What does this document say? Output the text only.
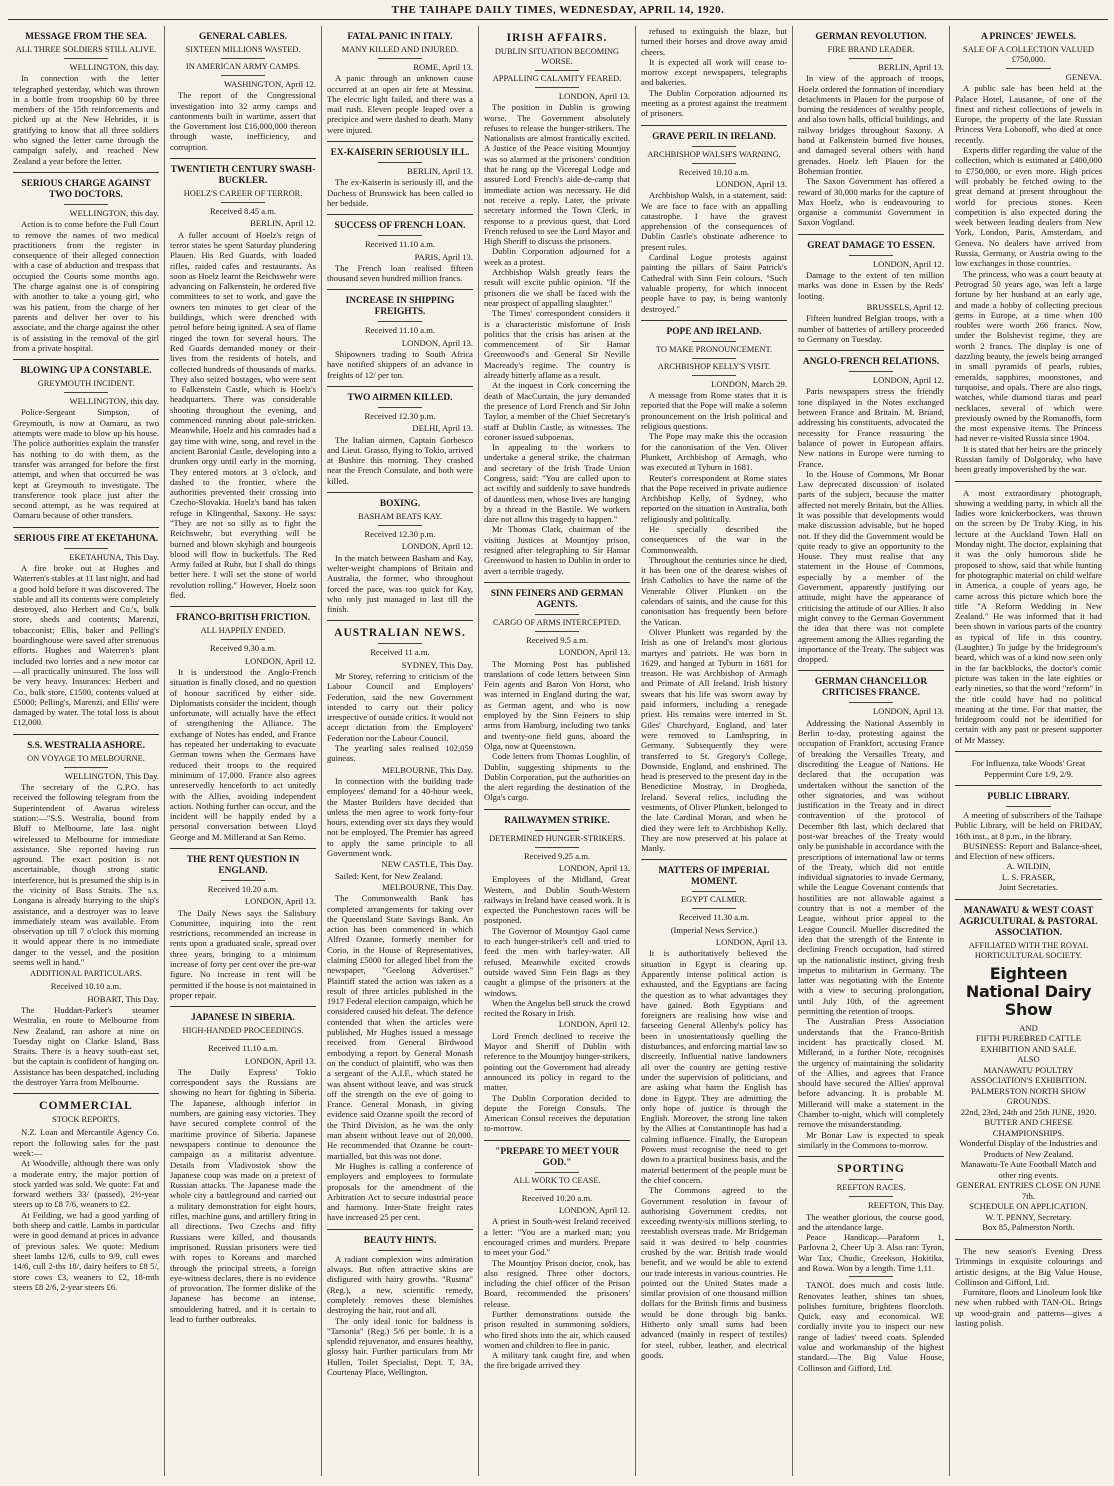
THE TAIHAPE DAILY TIMES, WEDNESDAY, APRIL 14, 1920.
MESSAGE FROM THE SEA.
ALL THREE SOLDIERS STILL ALIVE.
WELLINGTON, this day.

In connection with the letter telegraphed yesterday, which was thrown in a bottle from troopship 60 by three members of the 15th reinforcements and picked up at the New Hebrides, it is gratifying to know that all three soldiers who signed the letter came through the campaign safely, and reached New Zealand a year before the letter.

SERIOUS CHARGE AGAINST TWO DOCTORS.
WELLINGTON, this day.

Action is to come before the Full Court to remove the names of two medical practitioners from the register in consequence of their alleged connection with a case of abduction and trespass that occupied the Courts some months ago. The charge against one is of conspiring with another to take a young girl, who was his patient, from the charge of her parents and deliver her over to his associate, and the charge against the other is of assisting in the removal of the girl from a private hospital.

BLOWING UP A CONSTABLE.
GREYMOUTH INCIDENT.
WELLINGTON, this day.

Police-Sergeant Simpson, of Greymouth, is now at Oamaru, as two attempts were made to blow up his house. The police authorities explain the transfer has nothing to do with them, as the transfer was arranged for before the first attempt, and when that occurred he was kept at Greymouth to investigate. The transference took place just after the second attempt, as he was required at Oamaru because of other transfers.

SERIOUS FIRE AT EKETAHUNA.
EKETAHUNA, This Day.

A fire broke out at Hughes and Waterren's stables at 11 last night, and had a good hold before it was discovered. The stable and all its contents were completely destroyed, also Herbert and Co.'s, bulk store, sheds and contents; Marenzi, tobacconist; Ellis, baker and Pelling's boardinghouse were saved after strenuous efforts. Hughes and Waterren's plant included two lorries and a new motor car—all practically uninsured. The loss will be very heavy. Insurances: Herbert and Co., bulk store, £1500, contents valued at £5000; Pelling's, Marenzi, and Ellis' were damaged by water. The total loss is about £12,000.

S.S. WESTRALIA ASHORE.
ON VOYAGE TO MELBOURNE.
WELLINGTON, This Day.

The secretary of the G.P.O. has received the following telegram from the Superintendent of Awarua wireless station:—"S.S. Westralia, bound from Bluff to Melbourne, late last night wirelessed to Melbourne for immediate assistance. She reported having run aground. The exact position is not ascertainable, though strong static interference, but is presumed the ship is in the vicinity of Bass Straits. The s.s. Longana is already hurrying to the ship's assistance, and a destroyer was to leave immediately steam was available. From observation up till 7 o'clock this morning it would appear there is no immediate danger to the vessel, and the position seems well in hand."

ADDITIONAL PARTICULARS.
Received 10.10 a.m.
HOBART, This Day.

The Huddart-Parker's steamer Westralia, en route to Melbourne from New Zealand, ran ashore at nine on Tuesday night on Clarke Island, Bass Straits. There is a heavy south-east set, but the captain is confident of hanging on. Assistance has been despatched, including the destroyer Yarra from Melbourne.

COMMERCIAL
STOCK REPORTS.

N.Z. Loan and Mercantile Agency Co. report the following sales for the past week:—

At Woodville, although there was only a moderate entry, the major portion of stock yarded was sold. We quote: Fat and forward wethers 33/ (passed), 2½-year steers up to £8 7/6, weaners to £2.

At Feilding, we had a good yarding of both sheep and cattle. Lambs in particular were in good demand at prices in advance of previous sales. We quote: Medium sheet lambs 12/6, culls to 9/9, cull ewes 14/6, cull 2-ths 18/, dairy heifers to £8 5/, store cows £3, weaners to £2, 18-mth steers £8 2/6, 2-year steers £6.

GENERAL CABLES.
SIXTEEN MILLIONS WASTED.
IN AMERICAN ARMY CAMPS.
WASHINGTON, April 12.

The report of the Congressional investigation into 32 army camps and cantonments built in wartime, assert that the Government lost £16,000,000 thereon through waste, inefficiency, and corruption.

TWENTIETH CENTURY SWASH-BUCKLER.
HOELZ'S CAREER OF TERROR.
Received 8.45 a.m.
BERLIN, April 12.

A fuller account of Hoelz's reign of terror states he spent Saturday plundering Plauen. His Red Guards, with loaded rifles, raided cafes and restaurants. As soon as Hoelz learnt the Reichswehr were advancing on Falkenstein, he ordered five committees to set to work, and gave the owners ten minutes to get clear of the buildings, which were drenched with petrol before being ignited. A sea of flame ringed the town for several hours. The Red Guards demanded money or their lives from the residents of hotels, and collected hundreds of thousands of marks. They also seized hostages, who were sent to Falkenstein Castle, which is Hoelz's headquarters. There was considerable shooting throughout the evening, and commenced running about pale-stricken. Meanwhile, Hoelz and his comrades had a gay time with wine, song, and revel in the ancient Baronial Castle, developing into a drunken orgy until early in the morning. They entered motors at 3 o'clock, and dashed to the frontier, where the authorities prevented their crossing into Czecho-Slovakia. Hoelz's band has taken refuge in Klingenthal, Saxony. He says: "They are not so silly as to fight the Reichswehr, but everything will be burned and blown skyhigh and bourgeois blood will flow in bucketfuls. The Red Army failed at Ruhr, but I shall do things better here. I will set the stone of world revolution rolling." However, Hoelz soon fled.

FRANCO-BRITISH FRICTION.
ALL HAPPILY ENDED.
Received 9.30 a.m.
LONDON, April 12.

It is understood the Anglo-French situation is finally closed, and no question of honour sacrificed by either side. Diplomatists consider the incident, though unfortunate, will actually have the effect of strengthening the Alliance. The exchange of Notes has ended, and France has repeated her undertaking to evacuate German towns when the Germans have reduced their troops to the required minimum of 17,000. France also agrees unreservedly henceforth to act unitedly with the Allies, avoiding independent action. Nothing further can occur, and the incident will be happily ended by a personal conversation between Lloyd George and M. Millerand at San Remo.

THE RENT QUESTION IN ENGLAND.
Received 10.20 a.m.
LONDON, April 13.

The Daily News says the Salisbury Committee, inquiring into the rent restrictions, recommended an increase in rents upon a graduated scale, spread over three years, bringing to a minimum increase of forty per cent over the pre-war figure. No increase in rent will be permitted if the house is not maintained in proper repair.

JAPANESE IN SIBERIA.
HIGH-HANDED PROCEEDINGS.
Received 11.10 a.m.
LONDON, April 13.

The Daily Express' Tokio correspondent says the Russians are showing no heart for fighting in Siberia. The Japanese, although inferior in numbers, are gaining easy victories. They have secured complete control of the maritime province of Siberia. Japanese newspapers continue to denounce the campaign as a militarist adventure. Details from Vladivostok show the Japanese coup was made on a pretext of Russian attacks. The Japanese made the whole city a battleground and carried out a military demonstration for eight hours, rifles, machine guns, and artillery firing in all directions. Two Czechs and fifty Russians were killed, and thousands imprisoned. Russian prisoners were tied with ropes to Koreans and marched through the principal streets, a foreign eye-witness declares, there is no evidence of provocation. The former dislike of the Japanese has become an intense, smouldering hatred, and it is certain to lead to further outbreaks.

FATAL PANIC IN ITALY.
MANY KILLED AND INJURED.
ROME, April 13.

A panic through an unknown cause occurred at an open air fete at Messina. The electric light failed, and there was a mad rush. Eleven people leaped over a precipice and were dashed to death. Many were injured.

EX-KAISERIN SERIOUSLY ILL.
BERLIN, April 13.

The ex-Kaiserin is seriously ill, and the Duchess of Brunswick has been called to her bedside.

SUCCESS OF FRENCH LOAN.
Received 11.10 a.m.
PARIS, April 13.

The French loan realised fifteen thousand seven hundred million francs.

INCREASE IN SHIPPING FREIGHTS.
Received 11.10 a.m.
LONDON, April 13.

Shipowners trading to South Africa have notified shippers of an advance in freights of 12/ per ton.

TWO AIRMEN KILLED.
Received 12.30 p.m.
DELHI, April 13.

The Italian airmen, Captain Gorbesco and Lieut. Grasso, flying to Tokio, arrived at Bushire this morning. They crashed near the French Consulate, and both were killed.

BOXING.
BASHAM BEATS KAY.
Received 12.30 p.m.
LONDON, April 12.

In the match between Basham and Kay, welter-weight champions of Britain and Australia, the former, who throughout forced the pace, was too quick for Kay, who only just managed to last till the finish.

AUSTRALIAN NEWS.
Received 11 a.m.
SYDNEY, This Day.

Mr Storey, referring to criticism of the Labour Council and Employers' Federation, said the new Government intended to carry out their policy irrespective of outside critics. It would not accept dictation from the Employers' Federation nor the Labour Council.

The yearling sales realised 102,059 guineas.

MELBOURNE, This Day.

In connection with the building trade employees' demand for a 40-hour week, the Master Builders have decided that unless the men agree to work forty-four hours, extending over six days they would not be employed. The Premier has agreed to apply the same principle to all Government work.

NEW CASTLE, This Day.

Sailed: Kent, for New Zealand.

MELBOURNE, This Day.

The Commonwealth Bank has completed arrangements for taking over the Queensland State Savings Bank. An action has been commenced in which Alfred Ozanne, formerly member for Corio, in the House of Representatives, claiming £5000 for alleged libel from the newspaper, "Geelong Advertiser." Plaintiff stated the action was taken as a result of three articles published in the 1917 Federal election campaign, which he considered caused his defeat. The defence contended that when the articles were published, Mr Hughes issued a message received from General Birdwood embodying a report by General Monash on the conduct of plaintiff, who was then a sergeant of the A.I.F., which stated he was absent without leave, and was struck off the strength on the eve of going to France. General Monash, in giving evidence said Ozanne spoilt the record of the Third Division, as he was the only man absent without leave out of 20,000. He recommended that Ozanne be court-martialled, but this was not done.

Mr Hughes is calling a conference of employers and employees to formulate proposals for the amendment of the Arbitration Act to secure industrial peace and harmony. Inter-State freight rates have increased 25 per cent.

BEAUTY HINTS.

A radiant complexion wins admiration always. But often attractive skins are disfigured with hairy growths. "Rusma" (Reg.), a new, scientific remedy, completely removes these blemishes destroying the hair, root and all.

The only ideal tonic for baldness is "Tarsonia" (Reg.) 5/6 per bottle. It is a splendid rejuvenator, and ensures healthy, glossy hair. Further particulars from Mr Hullen, Toilet Specialist, Dept. T, 3A, Courtenay Place, Wellington.

IRISH AFFAIRS.
DUBLIN SITUATION BECOMING WORSE.
APPALLING CALAMITY FEARED.
LONDON, April 13.

The position in Dublin is growing worse. The Government absolutely refuses to release the hunger-strikers. The Nationalists are almost frantically excited. A Justice of the Peace visiting Mountjoy was so alarmed at the prisoners' condition that he rang up the Viceregal Lodge and assured Lord French's aide-de-camp that immediate action was necessary. He did not receive a reply. Later, the private secretary informed the Town Clerk, in response to a previous quest, that Lord French refused to see the Lord Mayor and High Sheriff to discuss the prisoners.

Dublin Corporation adjourned for a week as a protest.

Archbishop Walsh greatly fears the result will excite public opinion. "If the prisoners die we shall be faced with the near prospect of appalling slaughter."

The Times' correspondent considers it is a characteristic misfortune of Irish politics that the crisis has arisen at the commencement of Sir Hamar Greenwood's and General Sir Neville Macready's regime. The country is already bitterly aflame as a result.

At the inquest in Cork concerning the death of MacCurtain, the jury demanded the presence of Lord French and Sir John Taylor, a member of the Chief Secretary's staff at Dublin Castle, as witnesses. The coroner issued subpoenas.

In appealing to the workers to undertake a general strike, the chairman and secretary of the Irish Trade Union Congress, said: "You are called upon to act swiftly and suddenly to save hundreds of dauntless men, whose lives are hanging by a thread in the Bastile. We workers dare not allow this tragedy to happen."

Mr Thomas Clark, chairman of the visiting Justices at Mountjoy prison, resigned after telegraphing to Sir Hamar Greenwood to hasten to Dublin in order to avert a terrible tragedy.

SINN FEINERS AND GERMAN AGENTS.
CARGO OF ARMS INTERCEPTED.
Received 9.5 a.m.
LONDON, April 13.

The Morning Post has published translations of code letters between Sinn Fein agents and Baron Von Horst, who was interned in England during the war, as German agent, and who is now employed by the Sinn Feiners to ship arms from Hamburg, including two tanks and twenty-one field guns, aboard the Olga, now at Queenstown.

Code letters from Thomas Loughlin, of Dublin, suggesting shipments to the Dublin Corporation, put the authorities on the alert regarding the destination of the Olga's cargo.

RAILWAYMEN STRIKE.
DETERMINED HUNGER-STRIKERS.
Received 9.25 a.m.
LONDON, April 13.

Employees of the Midland, Great Western, and Dublin South-Western railways in Ireland have ceased work. It is expected the Punchestown races will be postponed.

The Governor of Mountjoy Gaol came to each hunger-striker's cell and tried to feed the men with barley-water. All refused. Meanwhile excited crowds outside waved Sinn Fein flags as they caught a glimpse of the prisoners at the windows.

When the Angelus bell struck the crowd recited the Rosary in Irish.

LONDON, April 12.

Lord French declined to receive the Mayor and Sheriff of Dublin with reference to the Mountjoy hunger-strikers, pointing out the Government had already announced its policy in regard to the matter.

The Dublin Corporation decided to depute the Foreign Consuls. The American Consul receives the deputation to-morrow.

"PREPARE TO MEET YOUR GOD."
ALL WORK TO CEASE.
Received 10.20 a.m.
LONDON, April 12.

A priest in South-west Ireland received a letter: "You are a marked man; you encouraged crimes and murders. Prepare to meet your God."

The Mountjoy Prison doctor, cook, has also resigned. Three other doctors, including the chief officer of the Prison Board, recommended the prisoners' release.

Further demonstrations outside the prison resulted in summoning soldiers, who fired shots into the air, which caused women and children to flee in panic.

A military tank caught fire, and when the fire brigade arrived they

refused to extinguish the blaze, but turned their horses and drove away amid cheers.

It is expected all work will cease to-morrow except newspapers, telegraphs and bakeries.

The Dublin Corporation adjourned its meeting as a protest against the treatment of prisoners.

GRAVE PERIL IN IRELAND.
ARCHBISHOP WALSH'S WARNING.
Received 10.10 a.m.
LONDON, April 13.

Archbishop Walsh, in a statement, said: We are face to face with an appalling catastrophe. I have the gravest apprehension of the consequences of Dublin Castle's obstinate adherence to present rules.

Cardinal Logue protests against painting the pillars of Saint Patrick's Cathedral with Sinn Fein colours. "Such valuable property, for which innocent people have to pay, is being wantonly destroyed."

POPE AND IRELAND.
TO MAKE PRONOUNCEMENT.
ARCHBISHOP KELLY'S VISIT.
LONDON, March 29.

A message from Rome states that it is reported that the Pope will make a solemn pronouncement on the Irish political and religious questions.

The Pope may make this the occasion for the canonisation of the Ven. Oliver Plunkett, Archbishop of Armagh, who was executed at Tyburn in 1681.

Reuter's correspondent at Rome states that the Pope received in private audience Archbishop Kelly, of Sydney, who reported on the situation in Australia, both religiously and politically.

He specially described the consequences of the war in the Commonwealth.

Throughout the centuries since he died, it has been one of the dearest wishes of Irish Catholics to have the name of the Venerable Oliver Plunkett on the calendars of saints, and the cause for this canonisation has frequently been before the Vatican.

Oliver Plunkett was regarded by the Irish as one of Ireland's most glorious martyrs and patriots. He was born in 1629, and hanged at Tyburn in 1681 for treason. He was Archbishop of Armagh and Primate of All Ireland. Irish history swears that his life was sworn away by paid informers, including a renegade priest. His remains were interred in St. Giles' Churchyard, England, and later were removed to Lamhspring, in Germany. Subsequently they were transferred to St. Gregory's College, Downside, England, and enshrined. The head is preserved to the present day in the Benedictine Mostray, in Drogheda, Ireland. Several relics, including the vestments, of Oliver Plunkett, belonged to the late Cardinal Moran, and when he died they were left to Archbishop Kelly. They are now preserved at his palace at Manly.

MATTERS OF IMPERIAL MOMENT.
EGYPT CALMER.
Received 11.30 a.m.
(Imperial News Service.)
LONDON, April 13.

It is authoritatively believed the situation in Egypt is clearing up. Apparently intense political action is exhausted, and the Egyptians are facing the question as to what advantages they have gained. Both Egyptians and foreigners are realising how wise and farseeing General Allenby's policy has been in unostentatiously quelling the disturbances, and enforcing martial law so discreetly. Influential native landowners all over the country are getting restive under the supervision of politicians, and are asking what harm the English has done in Egypt. They are admitting the only hope of justice is through the English. Moreover, the strong line taken by the Allies at Constantinople has had a calming influence. Finally, the European Powers must recognise the need to get down to a practical business basis, and the material betterment of the people must be the chief concern.

The Commons agreed to the Government resolution in favour of authorising Government credits, not exceeding twenty-six millions sterling, to reestablish overseas trade. Mr Bridgeman said it was desired to help countries crushed by the war. British trade would benefit, and we would be able to extend our trade interests in various countries. He pointed out the United States made a similar provision of one thousand million dollars for the British firms and business would be done through big banks. Hitherto only small sums had been advanced (mainly in respect of textiles) for steel, rubber, leather, and electrical goods.

GERMAN REVOLUTION.
FIRE BRAND LEADER.
BERLIN, April 13.

In view of the approach of troops, Hoelz ordered the formation of incendiary detachments in Plauen for the purpose of burning the residences of wealthy people, and also town halls, official buildings, and railway bridges throughout Saxony. A band at Falkenstein burned five houses, and damaged several others with hand grenades. Hoelz left Plauen for the Bohemian frontier.

The Saxon Government has offered a reward of 30,000 marks for the capture of Max Hoelz, who is endeavouring to organise a communist Government in Saxon Vogtland.

GREAT DAMAGE TO ESSEN.
LONDON, April 12.

Damage to the extent of ten million marks was done in Essen by the Reds' looting.

BRUSSELS, April 12.

Fifteen hundred Belgian troops, with a number of batteries of artillery proceeded to Germany on Tuesday.

ANGLO-FRENCH RELATIONS.
LONDON, April 12.

Paris newspapers stress the friendly tone displayed in the Notes exchanged between France and Britain. M. Briand, addressing his constituents, advocated the necessity for France reassuring the balance of power in European affairs. New nations in Europe were turning to France.

In the House of Commons, Mr Bonar Law deprecated discussion of isolated parts of the subject, because the matter affected not merely Britain, but the Allies. It was possible that developments would make discussion advisable, but he hoped not. If they did the Government would be quite ready to give an opportunity to the House. They must realise that any statement in the House of Commons, especially by a member of the Government, apparently justifying our attitude, might have the appearance of criticising the attitude of our Allies. It also might convey to the German Government the idea that there was not complete agreement among the Allies regarding the importance of the Treaty. The subject was dropped.

GERMAN CHANCELLOR CRITICISES FRANCE.
LONDON, April 13.

Addressing the National Assembly in Berlin to-day, protesting against the occupation of Frankfort, accusing France of breaking the Versailles Treaty, and discrediting the League of Nations. He declared that the occupation was undertaken without the sanction of the other signatories, and was without justification in the Treaty and in direct contravention of the protocol of December 8th last, which declared that post-war breaches of the Treaty would only be punishable in accordance with the prescriptions of international law or terms of the Treaty, which did not entitle individual signatories to invade Germany, while the League Covenant contends that hostilities are not allowable against a country that is not a member of the League, without prior appeal to the League Council. Mueller discredited the idea that the strength of the Entente in declining French occupation, had stirred up the nationalistic instinct, giving fresh impetus to militarism in Germany. The latter was negotiating with the Entente with a view to securing prolongation, until July 10th, of the agreement permitting the retention of troops.

The Australian Press Association understands that the Franco-British incident has practically closed. M. Millerand, in a further Note, recognises the urgency of maintaining the solidarity of the Allies, and agrees that France should have secured the Allies' approval before advancing. It is probable M. Millerand will make a statement in the Chamber to-night, which will completely remove the misunderstanding.

Mr Bonar Law is expected to speak similarly in the Commons to-morrow.

SPORTING
REEFTON RACES.
REEFTON, This Day.

The weather glorious, the course good, and the attendance large.

Peace Handicap.—Paraform 1, Parlovna 2, Cheer Up 3. Also ran: Tyron, War Tax, Chudic, Greekson, Hokitika, and Rowa. Won by a length. Time 1.11.

TANOL does much and costs little. Renovates leather, shines tan shoes, polishes furniture, brightens floorcloth. Quick, easy and economical. WE cordially invite you to inspect our new range of ladies' tweed coats. Splended value and workmanship of the highest standard.—The Big Value House, Collinson and Gifford, Ltd.

A PRINCES' JEWELS.
SALE OF A COLLECTION VALUED £750,000.
GENEVA.

A public sale has been held at the Palace Hotel, Lausanne, of one of the finest and richest collections of jewels in Europe, the property of the late Russian Princess Vera Lobonoff, who died at once recently.

Experts differ regarding the value of the collection, which is estimated at £400,000 to £750,000, or even more. High prices will probably be fetched owing to the great demand at present throughout the world for precious stones. Keen competition is also expected during the week between leading dealers from New York, London, Paris, Amsterdam, and Geneva. No dealers have arrived from Russia, Germany, or Austria owing to the low exchanges in those countries.

The princess, who was a court beauty at Petrograd 50 years ago, was left a large fortune by her husband at an early age, and made a hobby of collecting precious gems in Europe, at a time when 100 roubles were worth 266 francs. Now, under the Bolshevist regime, they are worth 2 francs. The display is one of dazzling beauty, the jewels being arranged in small pyramids of pearls, rubies, emeralds, sapphires, moonstones, and turquoise, and opals. There are also rings, watches, while diamond tiaras and pearl necklaces, several of which were previously owned by the Romanoffs, form the most expensive items. The Princess had never re-visited Russia since 1904.

It is stated that her heirs are the princely Russian family of Dolgoruky, who have been greatly impoverished by the war.

A most extraordinary photograph, showing a wedding party, in which all the ladies wore knickerbockers, was thrown on the screen by Dr Truby King, in his lecture at the Auckland Town Hall on Monday night. The doctor, explaining that it was the only humorous slide he proposed to show, said that while hunting for photographic material on child welfare in America, a couple of years ago, he came across this picture which bore the title "A Reform Wedding in New Zealand." He was informed that it had been shown in various parts of the country as typical of life in this country. (Laughter.) To judge by the bridegroom's beard, which was of a kind now seen only in the far backblocks, the doctor's comic picture was taken in the late eighties or early nineties, so that the word "reform" in the title could have had no political meaning at the time. For that matter, the bridegroom could not be identified for certain with any past or present supporter of Mr Massey.

For Influenza, take Woods' Great Peppermint Cure 1/9, 2/9.
PUBLIC LIBRARY.

A meeting of subscribers of the Taihape Public Library, will be held on FRIDAY, 16th inst., at 8 p.m., in the library.

BUSINESS: Report and Balance-sheet, and Election of new officers.

A. WILDIN,
L. S. FRASER,
Joint Secretaries.
MANAWATU & WEST COAST AGRICULTURAL & PASTORAL ASSOCIATION.
AFFILIATED WITH THE ROYAL HORTICULTURAL SOCIETY.
Eighteen National Dairy Show
AND
FIFTH PUREBRED CATTLE EXHIBITION AND SALE.
ALSO
MANAWATU POULTRY ASSOCIATION'S EXHIBITION.
PALMERSTON NORTH SHOW GROUNDS.
22nd, 23rd, 24th and 25th JUNE, 1920.
BUTTER AND CHEESE CHAMPIONSHIPS.
Wonderful Display of the Industries and Products of New Zealand.
Manawatu-Te Aute Football Match and other ring events.
GENERAL ENTRIES CLOSE ON JUNE 7th.
SCHEDULE ON APPLICATION.
W. T. PENNY, Secretary.
Box 85, Palmerston North.

The new season's Evening Dress Trimmings in exquisite colourings and artistic designs, at the Big Value House, Collinson and Gifford, Ltd.

Furniture, floors and Linoleum look like new when rubbed with TAN-OL. Brings up wood-grain and patterns—gives a lasting polish.
